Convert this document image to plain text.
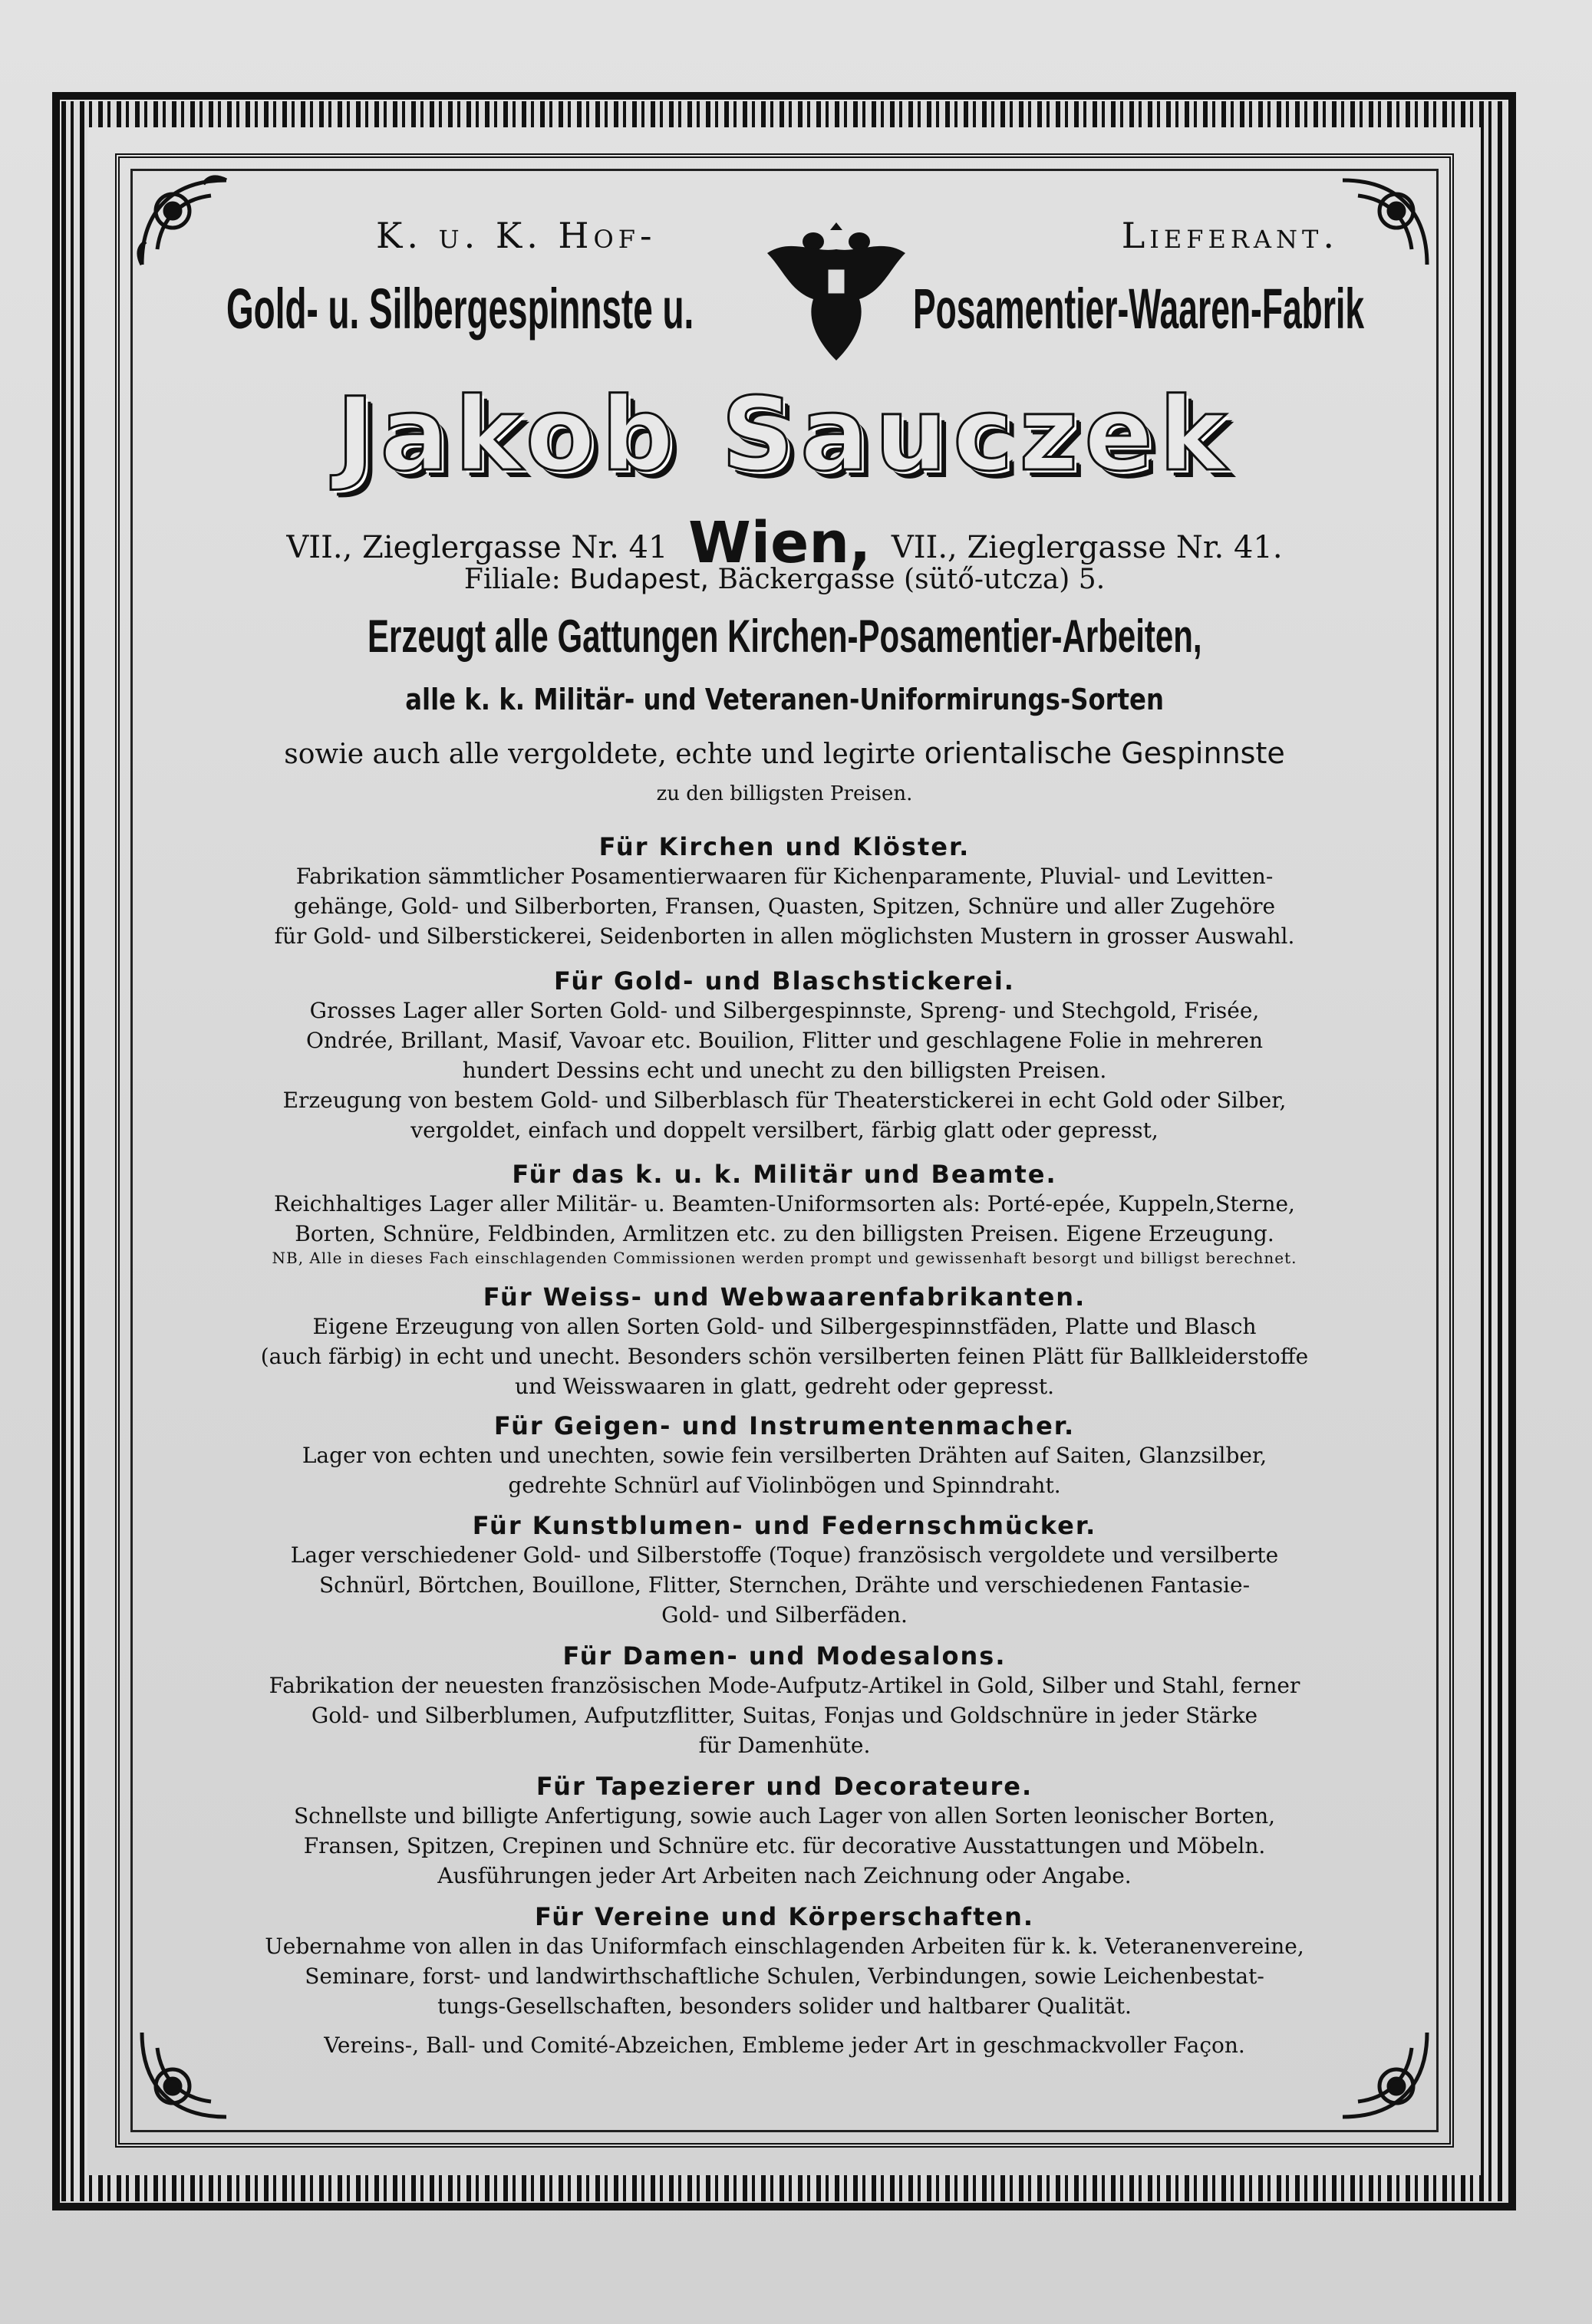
K. u. K. Hof-	Lieferant.
Gold- u. Silbergespinnste u.	Posamentier-Waaren-Fabrik
Jakob Sauczek
VII., Zieglergasse Nr. 41 Wien, VII., Zieglergasse Nr. 41.
Filiale: Budapest, Bäckergasse (sütő-utcza) 5.
Erzeugt alle Gattungen Kirchen-Posamentier-Arbeiten,
alle k. k. Militär- und Veteranen-Uniformirungs-Sorten
sowie auch alle vergoldete, echte und legirte orientalische Gespinnste
zu den billigsten Preisen.
Für Kirchen und Klöster.
Fabrikation sämmtlicher Posamentierwaaren für Kichenparamente, Pluvial- und Levitten-
gehänge, Gold- und Silberborten, Fransen, Quasten, Spitzen, Schnüre und aller Zugehöre
für Gold- und Silberstickerei, Seidenborten in allen möglichsten Mustern in grosser Auswahl.
Für Gold- und Blaschstickerei.
Grosses Lager aller Sorten Gold- und Silbergespinnste, Spreng- und Stechgold, Frisée,
Ondrée, Brillant, Masif, Vavoar etc. Bouilion, Flitter und geschlagene Folie in mehreren
hundert Dessins echt und unecht zu den billigsten Preisen.
Erzeugung von bestem Gold- und Silberblasch für Theaterstickerei in echt Gold oder Silber,
vergoldet, einfach und doppelt versilbert, färbig glatt oder gepresst,
Für das k. u. k. Militär und Beamte.
Reichhaltiges Lager aller Militär- u. Beamten-Uniformsorten als: Porté-epée, Kuppeln,Sterne,
Borten, Schnüre, Feldbinden, Armlitzen etc. zu den billigsten Preisen. Eigene Erzeugung.
NB, Alle in dieses Fach einschlagenden Commissionen werden prompt und gewissenhaft besorgt und billigst berechnet.
Für Weiss- und Webwaarenfabrikanten.
Eigene Erzeugung von allen Sorten Gold- und Silbergespinnstfäden, Platte und Blasch
(auch färbig) in echt und unecht. Besonders schön versilberten feinen Plätt für Ballkleiderstoffe
und Weisswaaren in glatt, gedreht oder gepresst.
Für Geigen- und Instrumentenmacher.
Lager von echten und unechten, sowie fein versilberten Drähten auf Saiten, Glanzsilber,
gedrehte Schnürl auf Violinbögen und Spinndraht.
Für Kunstblumen- und Federnschmücker.
Lager verschiedener Gold- und Silberstoffe (Toque) französisch vergoldete und versilberte
Schnürl, Börtchen, Bouillone, Flitter, Sternchen, Drähte und verschiedenen Fantasie-
Gold- und Silberfäden.
Für Damen- und Modesalons.
Fabrikation der neuesten französischen Mode-Aufputz-Artikel in Gold, Silber und Stahl, ferner
Gold- und Silberblumen, Aufputzflitter, Suitas, Fonjas und Goldschnüre in jeder Stärke
für Damenhüte.
Für Tapezierer und Decorateure.
Schnellste und billigte Anfertigung, sowie auch Lager von allen Sorten leonischer Borten,
Fransen, Spitzen, Crepinen und Schnüre etc. für decorative Ausstattungen und Möbeln.
Ausführungen jeder Art Arbeiten nach Zeichnung oder Angabe.
Für Vereine und Körperschaften.
Uebernahme von allen in das Uniformfach einschlagenden Arbeiten für k. k. Veteranenvereine,
Seminare, forst- und landwirthschaftliche Schulen, Verbindungen, sowie Leichenbestat-
tungs-Gesellschaften, besonders solider und haltbarer Qualität.
Vereins-, Ball- und Comité-Abzeichen, Embleme jeder Art in geschmackvoller Façon.
